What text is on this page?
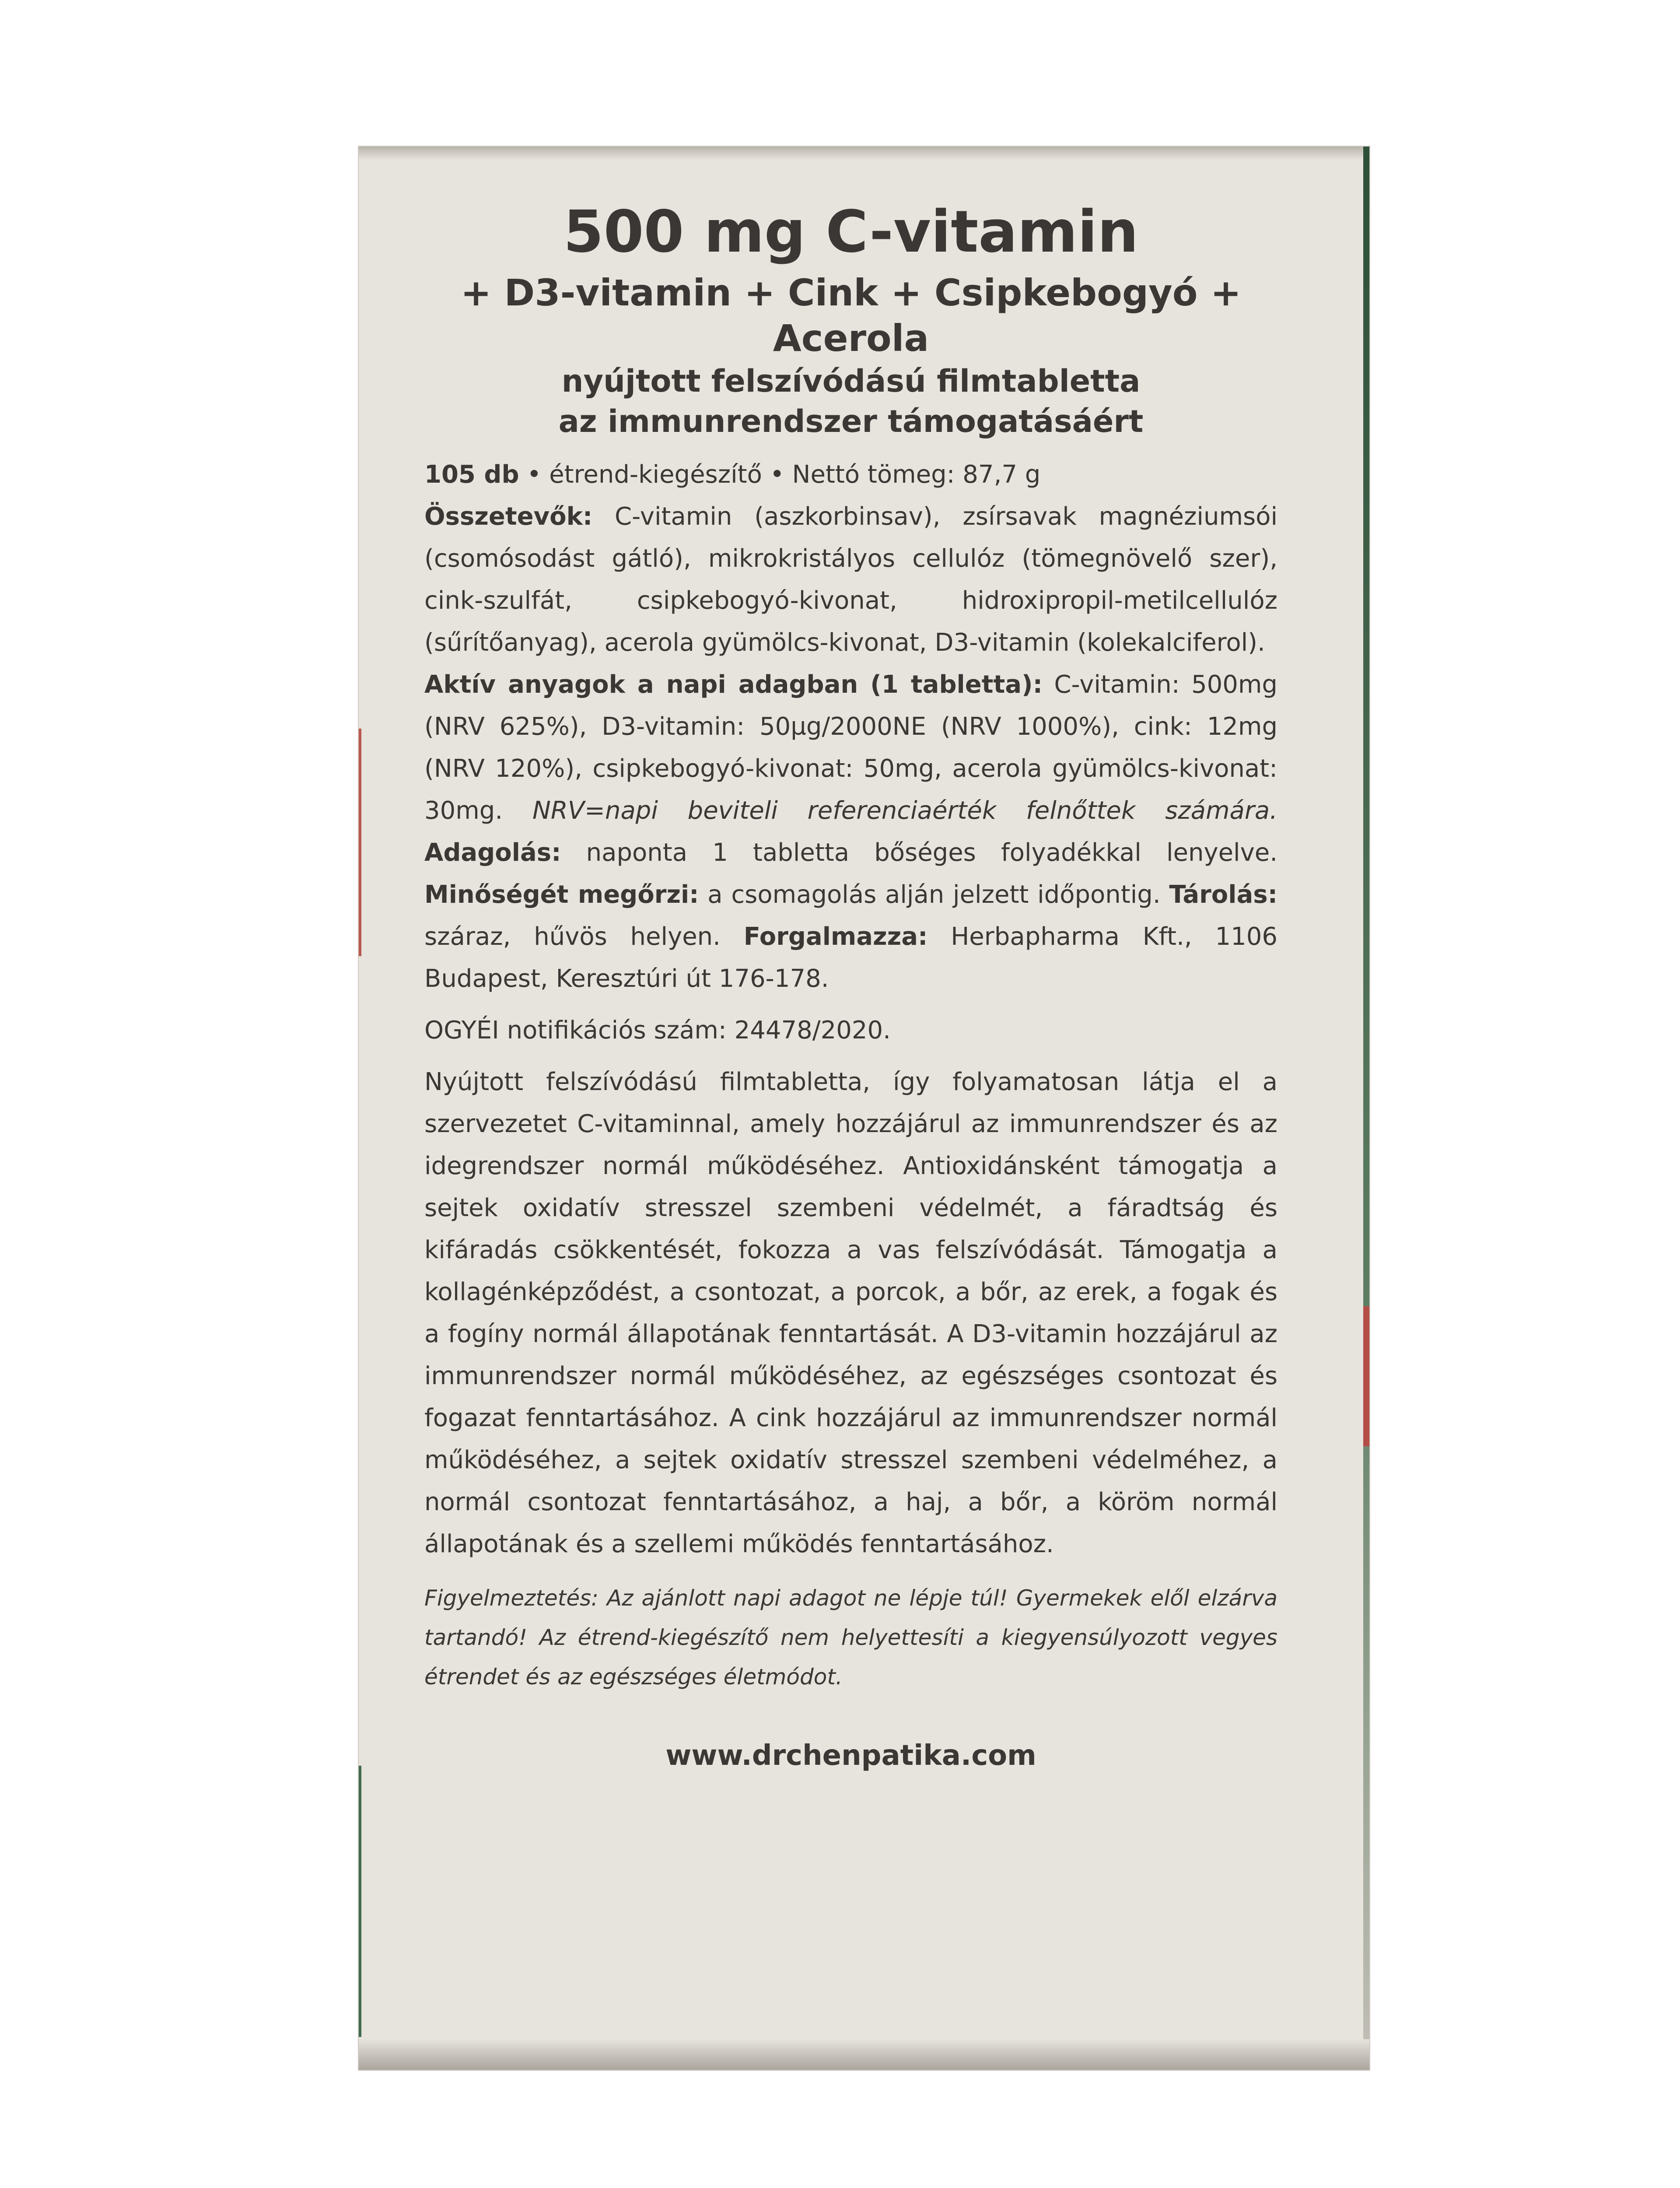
500 mg C-vitamin

+ D3-vitamin + Cink + Csipkebogyó + Acerola

nyújtott felszívódású filmtabletta

az immunrendszer támogatásáért

105 db • étrend-kiegészítő • Nettó tömeg: 87,7 g

Összetevők: C-vitamin (aszkorbinsav), zsírsavak magnéziumsói (csomósodást gátló), mikrokristályos cellulóz (tömegnövelő szer), cink-szulfát, csipkebogyó-kivonat, hidroxipropil-metilcellulóz (sűrítőanyag), acerola gyümölcs-kivonat, D3-vitamin (kolekalciferol).

Aktív anyagok a napi adagban (1 tabletta): C-vitamin: 500mg (NRV 625%), D3-vitamin: 50µg/2000NE (NRV 1000%), cink: 12mg (NRV 120%), csipkebogyó-kivonat: 50mg, acerola gyümölcs-kivonat: 30mg. NRV=napi beviteli referenciaérték felnőttek számára. Adagolás: naponta 1 tabletta bőséges folyadékkal lenyelve. Minőségét megőrzi: a csomagolás alján jelzett időpontig. Tárolás: száraz, hűvös helyen. Forgalmazza: Herbapharma Kft., 1106 Budapest, Keresztúri út 176-178.

OGYÉI notifikációs szám: 24478/2020.

Nyújtott felszívódású filmtabletta, így folyamatosan látja el a szervezetet C-vitaminnal, amely hozzájárul az immunrendszer és az idegrendszer normál működéséhez. Antioxidánsként támogatja a sejtek oxidatív stresszel szembeni védelmét, a fáradtság és kifáradás csökkentését, fokozza a vas felszívódását. Támogatja a kollagénképződést, a csontozat, a porcok, a bőr, az erek, a fogak és a fogíny normál állapotának fenntartását. A D3-vitamin hozzájárul az immunrendszer normál működéséhez, az egészséges csontozat és fogazat fenntartásához. A cink hozzájárul az immunrendszer normál működéséhez, a sejtek oxidatív stresszel szembeni védelméhez, a normál csontozat fenntartásához, a haj, a bőr, a köröm normál állapotának és a szellemi működés fenntartásához.

Figyelmeztetés: Az ajánlott napi adagot ne lépje túl! Gyermekek elől elzárva tartandó! Az étrend-kiegészítő nem helyettesíti a kiegyensúlyozott vegyes étrendet és az egészséges életmódot.

www.drchenpatika.com
